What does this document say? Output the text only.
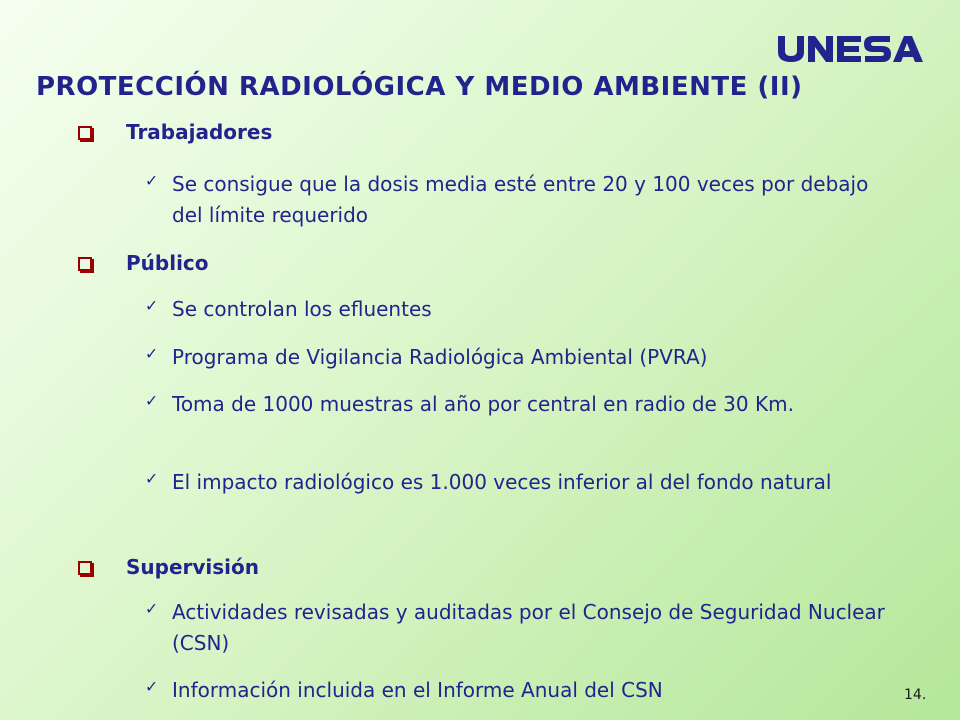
PROTECCIÓN RADIOLÓGICA Y MEDIO AMBIENTE (II)
Trabajadores
✓ Se consigue que la dosis media esté entre 20 y 100 veces por debajo del límite requerido
Público
✓ Se controlan los efluentes
✓ Programa de Vigilancia Radiológica Ambiental (PVRA)
✓ Toma de 1000 muestras al año por central en radio de 30 Km.
✓ El impacto radiológico es 1.000 veces inferior al del fondo natural
Supervisión
✓ Actividades revisadas y auditadas por el Consejo de Seguridad Nuclear (CSN)
✓ Información incluida en el Informe Anual del CSN	14.
